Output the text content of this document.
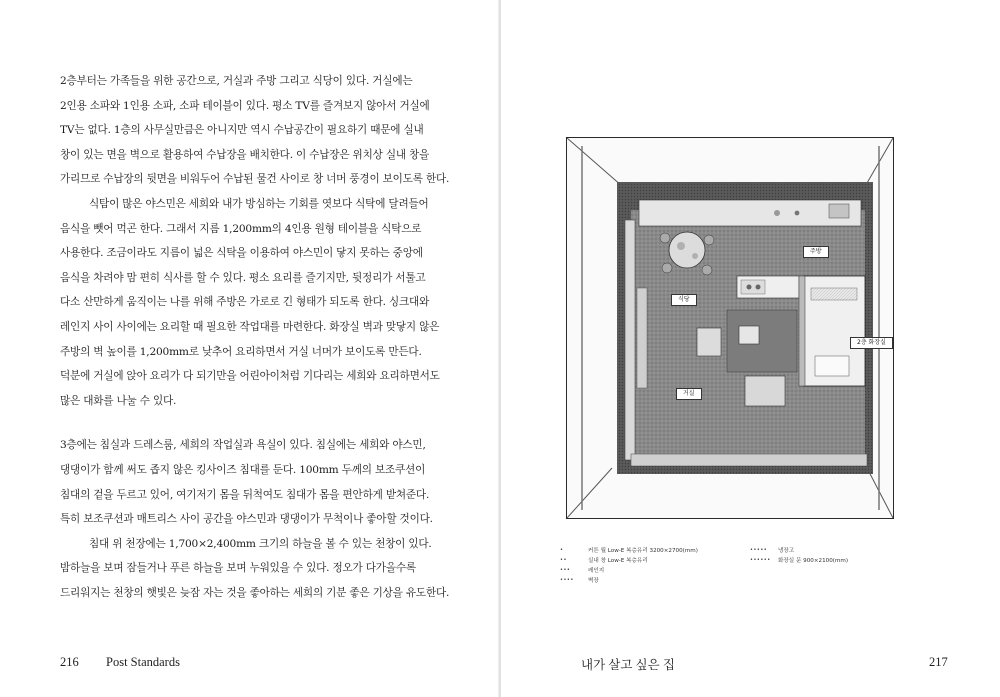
2층부터는 가족들을 위한 공간으로, 거실과 주방 그리고 식당이 있다. 거실에는
2인용 소파와 1인용 소파, 소파 테이블이 있다. 평소 TV를 즐겨보지 않아서 거실에
TV는 없다. 1층의 사무실만큼은 아니지만 역시 수납공간이 필요하기 때문에 실내
창이 있는 면을 벽으로 활용하여 수납장을 배치한다. 이 수납장은 위치상 실내 창을
가리므로 수납장의 뒷면을 비워두어 수납된 물건 사이로 창 너머 풍경이 보이도록 한다.
식탐이 많은 야스민은 세희와 내가 방심하는 기회를 엿보다 식탁에 달려들어
음식을 뺏어 먹곤 한다. 그래서 지름 1,200mm의 4인용 원형 테이블을 식탁으로
사용한다. 조금이라도 지름이 넓은 식탁을 이용하여 야스민이 닿지 못하는 중앙에
음식을 차려야 맘 편히 식사를 할 수 있다. 평소 요리를 즐기지만, 뒷정리가 서툴고
다소 산만하게 움직이는 나를 위해 주방은 가로로 긴 형태가 되도록 한다. 싱크대와
레인지 사이 사이에는 요리할 때 필요한 작업대를 마련한다. 화장실 벽과 맞닿지 않은
주방의 벽 높이를 1,200mm로 낮추어 요리하면서 거실 너머가 보이도록 만든다.
덕분에 거실에 앉아 요리가 다 되기만을 어린아이처럼 기다리는 세희와 요리하면서도
많은 대화를 나눌 수 있다.
3층에는 침실과 드레스룸, 세희의 작업실과 욕실이 있다. 침실에는 세희와 야스민,
댕댕이가 함께 써도 좁지 않은 킹사이즈 침대를 둔다. 100mm 두께의 보조쿠션이
침대의 겉을 두르고 있어, 여기저기 몸을 뒤척여도 침대가 몸을 편안하게 받쳐준다.
특히 보조쿠션과 매트리스 사이 공간을 야스민과 댕댕이가 무척이나 좋아할 것이다.
침대 위 천장에는 1,700×2,400mm 크기의 하늘을 볼 수 있는 천창이 있다.
밤하늘을 보며 잠들거나 푸른 하늘을 보며 누워있을 수 있다. 정오가 다가올수록
드리워지는 천창의 햇빛은 늦잠 자는 것을 좋아하는 세희의 기분 좋은 기상을 유도한다.
216 Post Standards	내가 살고 싶은 집	217
주방
식당
2층 화장실
거실
•	커튼 월 Low-E 복층유리 3200×2700(mm)
••	실내 창 Low-E 복층유리
•••	레인지
••••	벽장
•••••	냉장고
••••••	화장실 문 900×2100(mm)
